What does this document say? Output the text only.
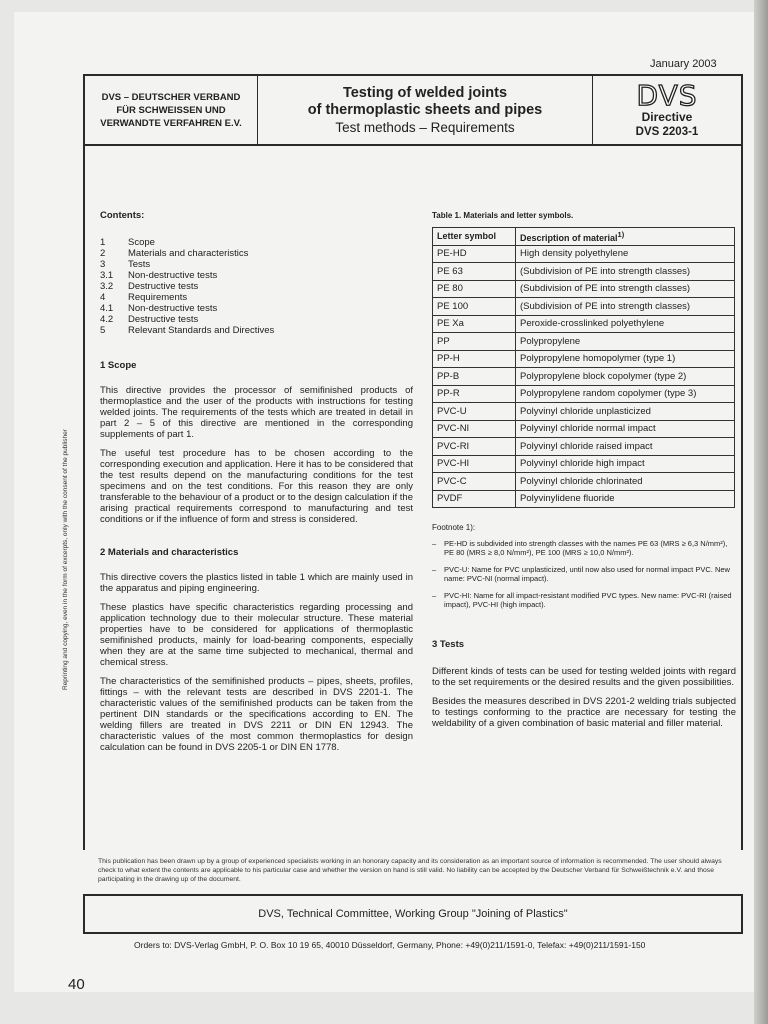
January 2003
DVS – DEUTSCHER VERBAND
FÜR SCHWEISSEN UND
VERWANDTE VERFAHREN E.V.
Testing of welded joints
of thermoplastic sheets and pipes
Test methods – Requirements
DVS
Directive
DVS 2203-1
Reprinting and copying, even in the form of excerpts, only with the consent of the publisher
Contents:
1	Scope
2	Materials and characteristics
3	Tests
3.1	Non-destructive tests
3.2	Destructive tests
4	Requirements
4.1	Non-destructive tests
4.2	Destructive tests
5	Relevant Standards and Directives
1 Scope

This directive provides the processor of semifinished products of thermoplastice and the user of the products with instructions for testing welded joints. The requirements of the tests which are treated in detail in part 2 – 5 of this directive are mentioned in the corresponding supplements of part 1.

The useful test procedure has to be chosen according to the corresponding execution and application. Here it has to be considered that the test results depend on the manufacturing conditions for the test specimens and on the test conditions. For this reason they are only transferable to the behaviour of a product or to the design calculation if the arising practical requirements correspond to manufacturing and test conditions or if the influence of form and stress is considered.

2 Materials and characteristics

This directive covers the plastics listed in table 1 which are mainly used in the apparatus and piping engineering.

These plastics have specific characteristics regarding processing and application technology due to their molecular structure. These material properties have to be considered for applications of thermoplastic semifinished products, mainly for load-bearing components, especially when they are at the same time subjected to mechanical, thermal and chemical stress.

The characteristics of the semifinished products – pipes, sheets, profiles, fittings – with the relevant tests are described in DVS 2201-1. The characteristic values of the semifinished products can be taken from the pertinent DIN standards or the specifications according to EN. The welding fillers are treated in DVS 2211 or DIN EN 12943. The characteristic values of the most common thermoplastics for design calculation can be found in DVS 2205-1 or DIN EN 1778.

Table 1. Materials and letter symbols.
Letter symbol	Description of material$^{1)}$
PE-HD	High density polyethylene
PE 63	(Subdivision of PE into strength classes)
PE 80	(Subdivision of PE into strength classes)
PE 100	(Subdivision of PE into strength classes)
PE Xa	Peroxide-crosslinked polyethylene
PP	Polypropylene
PP-H	Polypropylene homopolymer (type 1)
PP-B	Polypropylene block copolymer (type 2)
PP-R	Polypropylene random copolymer (type 3)
PVC-U	Polyvinyl chloride unplasticized
PVC-NI	Polyvinyl chloride normal impact
PVC-RI	Polyvinyl chloride raised impact
PVC-HI	Polyvinyl chloride high impact
PVC-C	Polyvinyl chloride chlorinated
PVDF	Polyvinylidene fluoride
Footnote 1):
–	PE-HD is subdivided into strength classes with the names PE 63 (MRS ≥ 6,3 N/mm²), PE 80 (MRS ≥ 8,0 N/mm²), PE 100 (MRS ≥ 10,0 N/mm²).
–	PVC-U: Name for PVC unplasticized, until now also used for normal impact PVC. New name: PVC-NI (normal impact).
–	PVC-HI: Name for all impact-resistant modified PVC types. New name: PVC-RI (raised impact), PVC-HI (high impact).
3 Tests

Different kinds of tests can be used for testing welded joints with regard to the set requirements or the desired results and the given possibilities.

Besides the measures described in DVS 2201-2 welding trials subjected to testings conforming to the practice are necessary for testing the weldability of a given combination of basic material and filler material.

This publication has been drawn up by a group of experienced specialists working in an honorary capacity and its consideration as an important source of information is recommended. The user should always check to what extent the contents are applicable to his particular case and whether the version on hand is still valid. No liability can be accepted by the Deutscher Verband für Schweißtechnik e.V. and those participating in the drawing up of the document.
DVS, Technical Committee, Working Group "Joining of Plastics"
Orders to: DVS-Verlag GmbH, P. O. Box 10 19 65, 40010 Düsseldorf, Germany, Phone: +49(0)211/1591-0, Telefax: +49(0)211/1591-150
40
